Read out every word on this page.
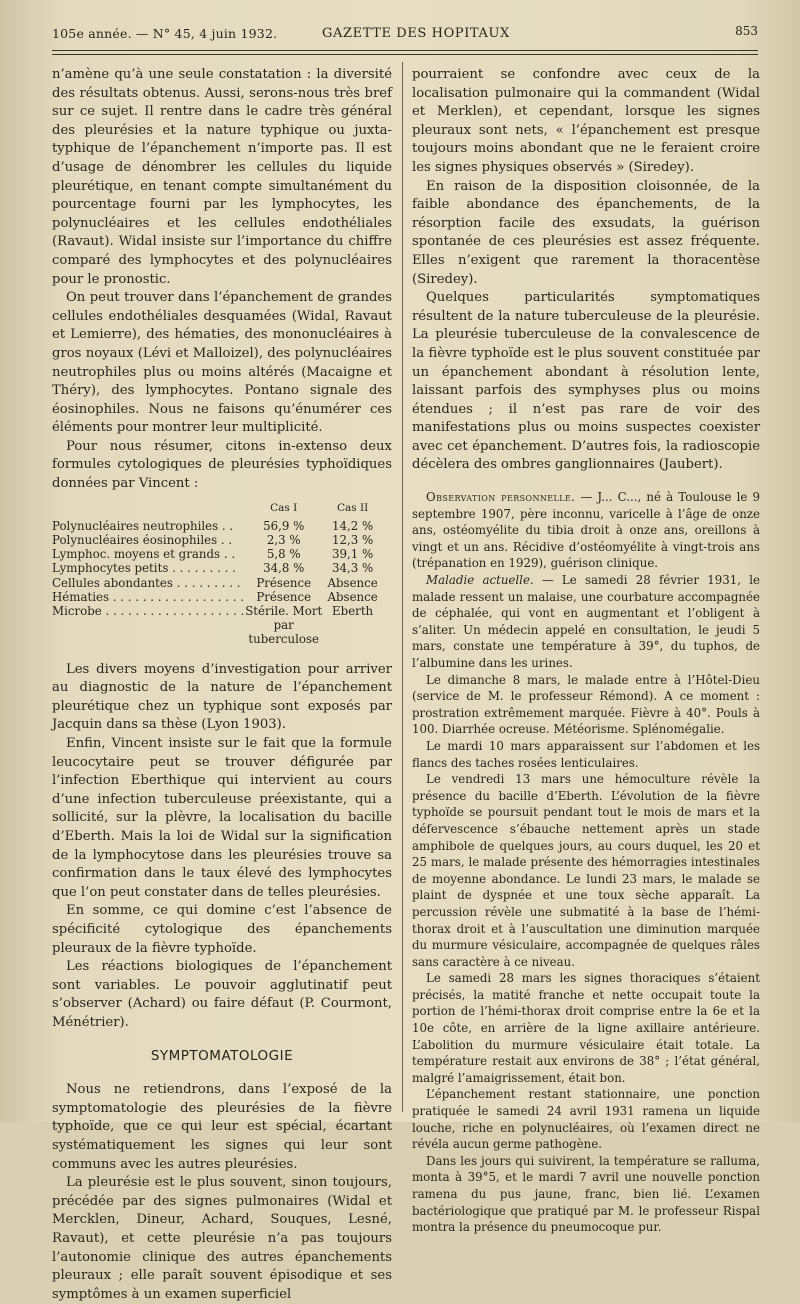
105e année. — N° 45, 4 juin 1932.	GAZETTE DES HOPITAUX	853

n’amène qu’à une seule constatation : la diversité des résultats obtenus. Aussi, serons-nous très bref sur ce sujet. Il rentre dans le cadre très général des pleurésies et la nature typhique ou juxta-typhique de l’épanchement n’importe pas. Il est d’usage de dénombrer les cellules du liquide pleurétique, en tenant compte simultanément du pourcentage fourni par les lymphocytes, les polynucléaires et les cellules endothéliales (Ravaut). Widal insiste sur l’importance du chiffre comparé des lymphocytes et des polynucléaires pour le pronostic.

On peut trouver dans l’épanchement de grandes cellules endothéliales desquamées (Widal, Ravaut et Lemierre), des hématies, des mononucléaires à gros noyaux (Lévi et Malloizel), des polynucléaires neutrophiles plus ou moins altérés (Macaigne et Théry), des lymphocytes. Pontano signale des éosinophiles. Nous ne faisons qu’énumérer ces éléments pour montrer leur multiplicité.

Pour nous résumer, citons in-extenso deux formules cytologiques de pleurésies typhoïdiques données par Vincent :

	Cas I	Cas II
Polynucléaires neutrophiles . .	56,9 %	14,2 %
Polynucléaires éosinophiles . .	2,3 %	12,3 %
Lymphoc. moyens et grands . .	5,8 %	39,1 %
Lymphocytes petits . . . . . . . . .	34,8 %	34,3 %
Cellules abondantes . . . . . . . . .	Présence	Absence
Hématies . . . . . . . . . . . . . . . . . .	Présence	Absence
Microbe . . . . . . . . . . . . . . . . . . .	Stérile. Mort par tuberculose	Eberth

Les divers moyens d’investigation pour arriver au diagnostic de la nature de l’épanchement pleurétique chez un typhique sont exposés par Jacquin dans sa thèse (Lyon 1903).

Enfin, Vincent insiste sur le fait que la formule leucocytaire peut se trouver défigurée par l’infection Eberthique qui intervient au cours d’une infection tuberculeuse préexistante, qui a sollicité, sur la plèvre, la localisation du bacille d’Eberth. Mais la loi de Widal sur la signification de la lymphocytose dans les pleurésies trouve sa confirmation dans le taux élevé des lymphocytes que l’on peut constater dans de telles pleurésies.

En somme, ce qui domine c’est l’absence de spécificité cytologique des épanchements pleuraux de la fièvre typhoïde.

Les réactions biologiques de l’épanchement sont variables. Le pouvoir agglutinatif peut s’observer (Achard) ou faire défaut (P. Courmont, Ménétrier).

SYMPTOMATOLOGIE

Nous ne retiendrons, dans l’exposé de la symptomatologie des pleurésies de la fièvre typhoïde, que ce qui leur est spécial, écartant systématiquement les signes qui leur sont communs avec les autres pleurésies.

La pleurésie est le plus souvent, sinon toujours, précédée par des signes pulmonaires (Widal et Mercklen, Dineur, Achard, Souques, Lesné, Ravaut), et cette pleurésie n’a pas toujours l’autonomie clinique des autres épanchements pleuraux ; elle paraît souvent épisodique et ses symptômes à un examen superficiel

pourraient se confondre avec ceux de la localisation pulmonaire qui la commandent (Widal et Merklen), et cependant, lorsque les signes pleuraux sont nets, « l’épanchement est presque toujours moins abondant que ne le feraient croire les signes physiques observés » (Siredey).

En raison de la disposition cloisonnée, de la faible abondance des épanchements, de la résorption facile des exsudats, la guérison spontanée de ces pleurésies est assez fréquente. Elles n’exigent que rarement la thoracentèse (Siredey).

Quelques particularités symptomatiques résultent de la nature tuberculeuse de la pleurésie. La pleurésie tuberculeuse de la convalescence de la fièvre typhoïde est le plus souvent constituée par un épanchement abondant à résolution lente, laissant parfois des symphyses plus ou moins étendues ; il n’est pas rare de voir des manifestations plus ou moins suspectes coexister avec cet épanchement. D’autres fois, la radioscopie décèlera des ombres ganglionnaires (Jaubert).

Observation personnelle. — J... C..., né à Toulouse le 9 septembre 1907, père inconnu, varicelle à l’âge de onze ans, ostéomyélite du tibia droit à onze ans, oreillons à vingt et un ans. Récidive d’ostéomyélite à vingt-trois ans (trépanation en 1929), guérison clinique.

Maladie actuelle. — Le samedi 28 février 1931, le malade ressent un malaise, une courbature accompagnée de céphalée, qui vont en augmentant et l’obligent à s’aliter. Un médecin appelé en consultation, le jeudi 5 mars, constate une température à 39°, du tuphos, de l’albumine dans les urines.

Le dimanche 8 mars, le malade entre à l’Hôtel-Dieu (service de M. le professeur Rémond). A ce moment : prostration extrêmement marquée. Fièvre à 40°. Pouls à 100. Diarrhée ocreuse. Météorisme. Splénomégalie.

Le mardi 10 mars apparaissent sur l’abdomen et les flancs des taches rosées lenticulaires.

Le vendredi 13 mars une hémoculture révèle la présence du bacille d’Eberth. L’évolution de la fièvre typhoïde se poursuit pendant tout le mois de mars et la défervescence s’ébauche nettement après un stade amphibole de quelques jours, au cours duquel, les 20 et 25 mars, le malade présente des hémorragies intestinales de moyenne abondance. Le lundi 23 mars, le malade se plaint de dyspnée et une toux sèche apparaît. La percussion révèle une submatité à la base de l’hémi-thorax droit et à l’auscultation une diminution marquée du murmure vésiculaire, accompagnée de quelques râles sans caractère à ce niveau.

Le samedi 28 mars les signes thoraciques s’étaient précisés, la matité franche et nette occupait toute la portion de l’hémi-thorax droit comprise entre la 6e et la 10e côte, en arrière de la ligne axillaire antérieure. L’abolition du murmure vésiculaire était totale. La température restait aux environs de 38° ; l’état général, malgré l’amaigrissement, était bon.

L’épanchement restant stationnaire, une ponction pratiquée le samedi 24 avril 1931 ramena un liquide louche, riche en polynucléaires, où l’examen direct ne révéla aucun germe pathogène.

Dans les jours qui suivirent, la température se ralluma, monta à 39°5, et le mardi 7 avril une nouvelle ponction ramena du pus jaune, franc, bien lié. L’examen bactériologique que pratiqué par M. le professeur Rispal montra la présence du pneumocoque pur.
